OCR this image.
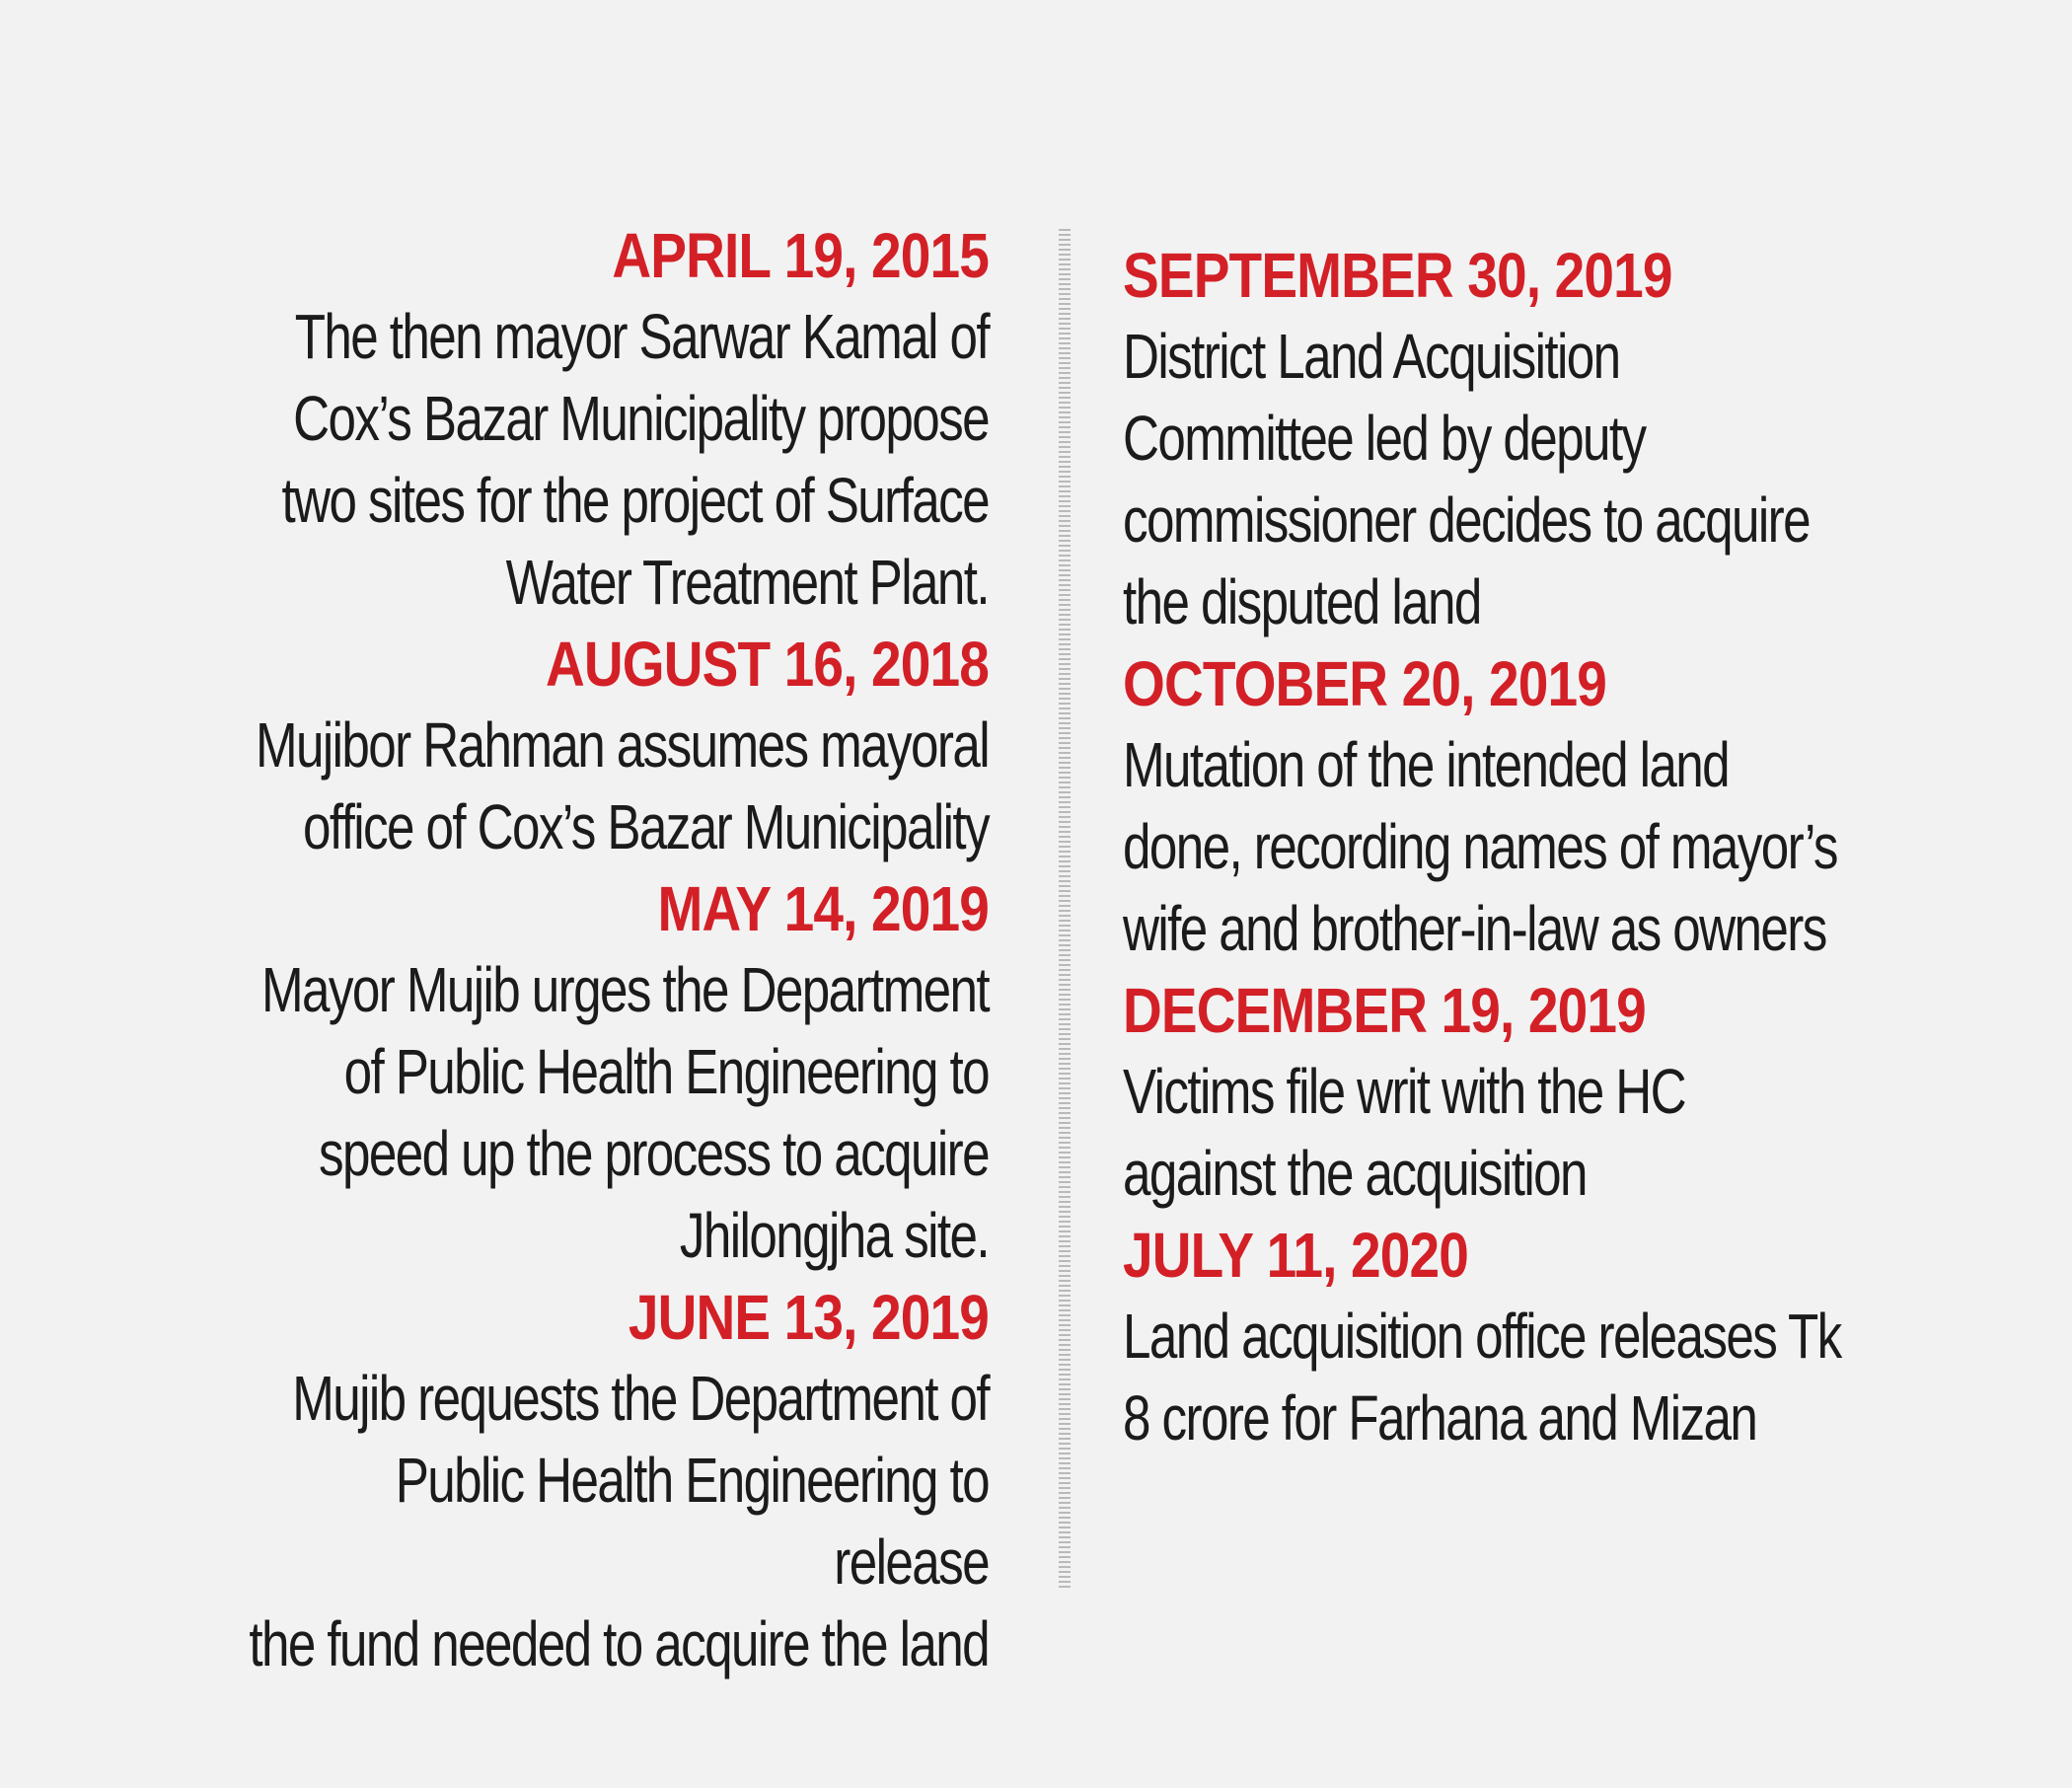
APRIL 19, 2015
The then mayor Sarwar Kamal of
Cox’s Bazar Municipality propose
two sites for the project of Surface
Water Treatment Plant.
AUGUST 16, 2018
Mujibor Rahman assumes mayoral
office of Cox’s Bazar Municipality
MAY 14, 2019
Mayor Mujib urges the Department
of Public Health Engineering to
speed up the process to acquire
Jhilongjha site.
JUNE 13, 2019
Mujib requests the Department of
Public Health Engineering to release
the fund needed to acquire the land
SEPTEMBER 30, 2019
District Land Acquisition
Committee led by deputy
commissioner decides to acquire
the disputed land
OCTOBER 20, 2019
Mutation of the intended land
done, recording names of mayor’s
wife and brother-in-law as owners
DECEMBER 19, 2019
Victims file writ with the HC
against the acquisition
JULY 11, 2020
Land acquisition office releases Tk
8 crore for Farhana and Mizan
